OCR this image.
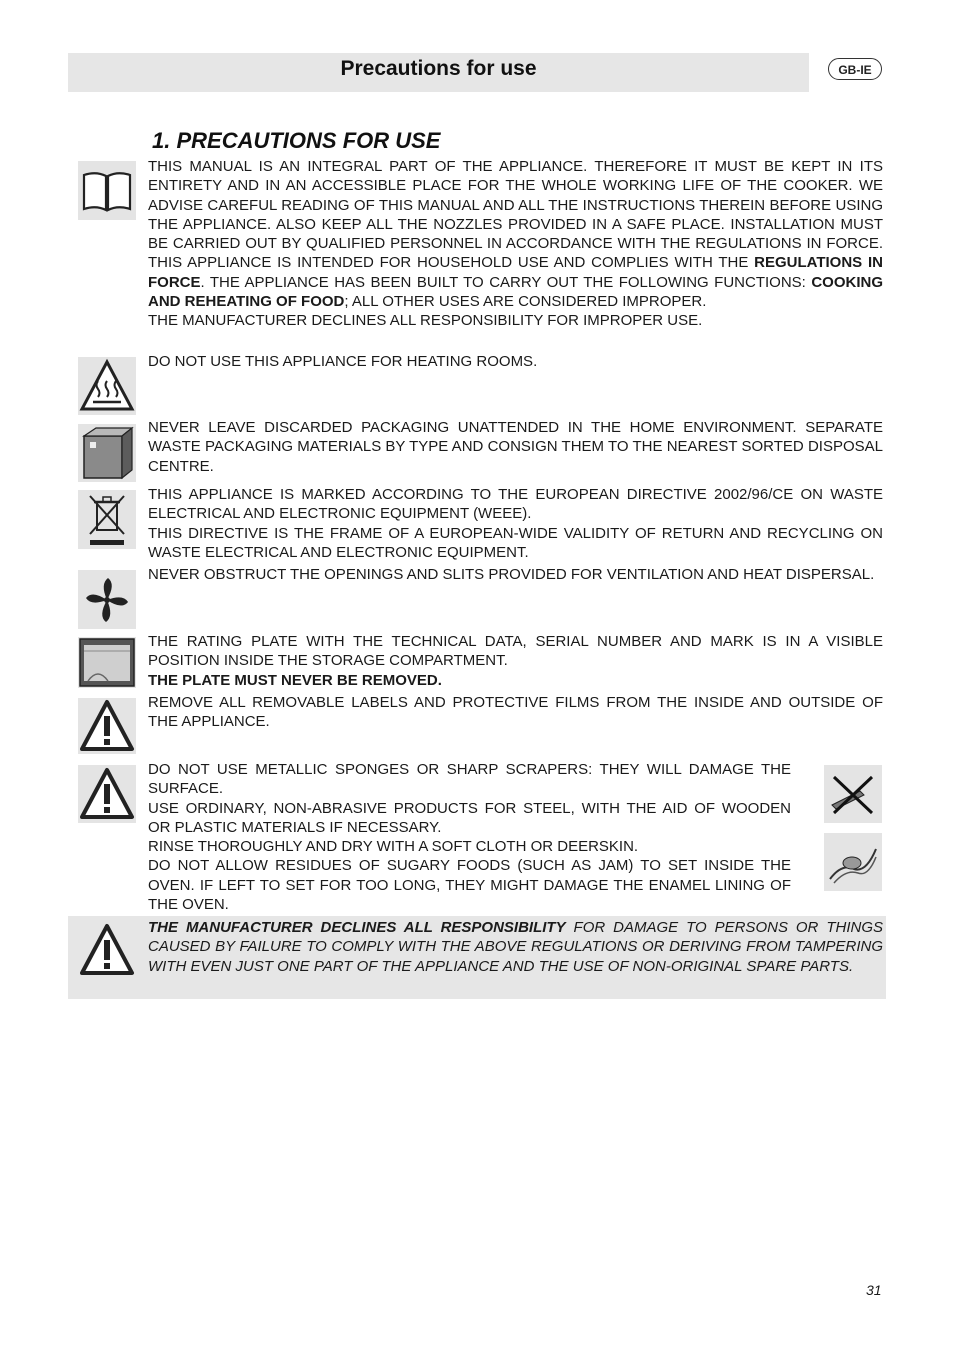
Precautions for use	GB-IE
1. PRECAUTIONS FOR USE

THIS MANUAL IS AN INTEGRAL PART OF THE APPLIANCE. THEREFORE IT MUST BE KEPT IN ITS ENTIRETY AND IN AN ACCESSIBLE PLACE FOR THE WHOLE WORKING LIFE OF THE COOKER. WE ADVISE CAREFUL READING OF THIS MANUAL AND ALL THE INSTRUCTIONS THEREIN BEFORE USING THE APPLIANCE. ALSO KEEP ALL THE NOZZLES PROVIDED IN A SAFE PLACE. INSTALLATION MUST BE CARRIED OUT BY QUALIFIED PERSONNEL IN ACCORDANCE WITH THE REGULATIONS IN FORCE. THIS APPLIANCE IS INTENDED FOR HOUSEHOLD USE AND COMPLIES WITH THE REGULATIONS IN FORCE. THE APPLIANCE HAS BEEN BUILT TO CARRY OUT THE FOLLOWING FUNCTIONS: COOKING AND REHEATING OF FOOD; ALL OTHER USES ARE CONSIDERED IMPROPER.

THE MANUFACTURER DECLINES ALL RESPONSIBILITY FOR IMPROPER USE.

DO NOT USE THIS APPLIANCE FOR HEATING ROOMS.
NEVER LEAVE DISCARDED PACKAGING UNATTENDED IN THE HOME ENVIRONMENT. SEPARATE WASTE PACKAGING MATERIALS BY TYPE AND CONSIGN THEM TO THE NEAREST SORTED DISPOSAL CENTRE.

THIS APPLIANCE IS MARKED ACCORDING TO THE EUROPEAN DIRECTIVE 2002/96/CE ON WASTE ELECTRICAL AND ELECTRONIC EQUIPMENT (WEEE).

THIS DIRECTIVE IS THE FRAME OF A EUROPEAN-WIDE VALIDITY OF RETURN AND RECYCLING ON WASTE ELECTRICAL AND ELECTRONIC EQUIPMENT.

NEVER OBSTRUCT THE OPENINGS AND SLITS PROVIDED FOR VENTILATION AND HEAT DISPERSAL.

THE RATING PLATE WITH THE TECHNICAL DATA, SERIAL NUMBER AND MARK IS IN A VISIBLE POSITION INSIDE THE STORAGE COMPARTMENT.

THE PLATE MUST NEVER BE REMOVED.

REMOVE ALL REMOVABLE LABELS AND PROTECTIVE FILMS FROM THE INSIDE AND OUTSIDE OF THE APPLIANCE.

DO NOT USE METALLIC SPONGES OR SHARP SCRAPERS: THEY WILL DAMAGE THE SURFACE.

USE ORDINARY, NON-ABRASIVE PRODUCTS FOR STEEL, WITH THE AID OF WOODEN OR PLASTIC MATERIALS IF NECESSARY.

RINSE THOROUGHLY AND DRY WITH A SOFT CLOTH OR DEERSKIN.

DO NOT ALLOW RESIDUES OF SUGARY FOODS (SUCH AS JAM) TO SET INSIDE THE OVEN. IF LEFT TO SET FOR TOO LONG, THEY MIGHT DAMAGE THE ENAMEL LINING OF THE OVEN.

THE MANUFACTURER DECLINES ALL RESPONSIBILITY FOR DAMAGE TO PERSONS OR THINGS CAUSED BY FAILURE TO COMPLY WITH THE ABOVE REGULATIONS OR DERIVING FROM TAMPERING WITH EVEN JUST ONE PART OF THE APPLIANCE AND THE USE OF NON-ORIGINAL SPARE PARTS.
31
